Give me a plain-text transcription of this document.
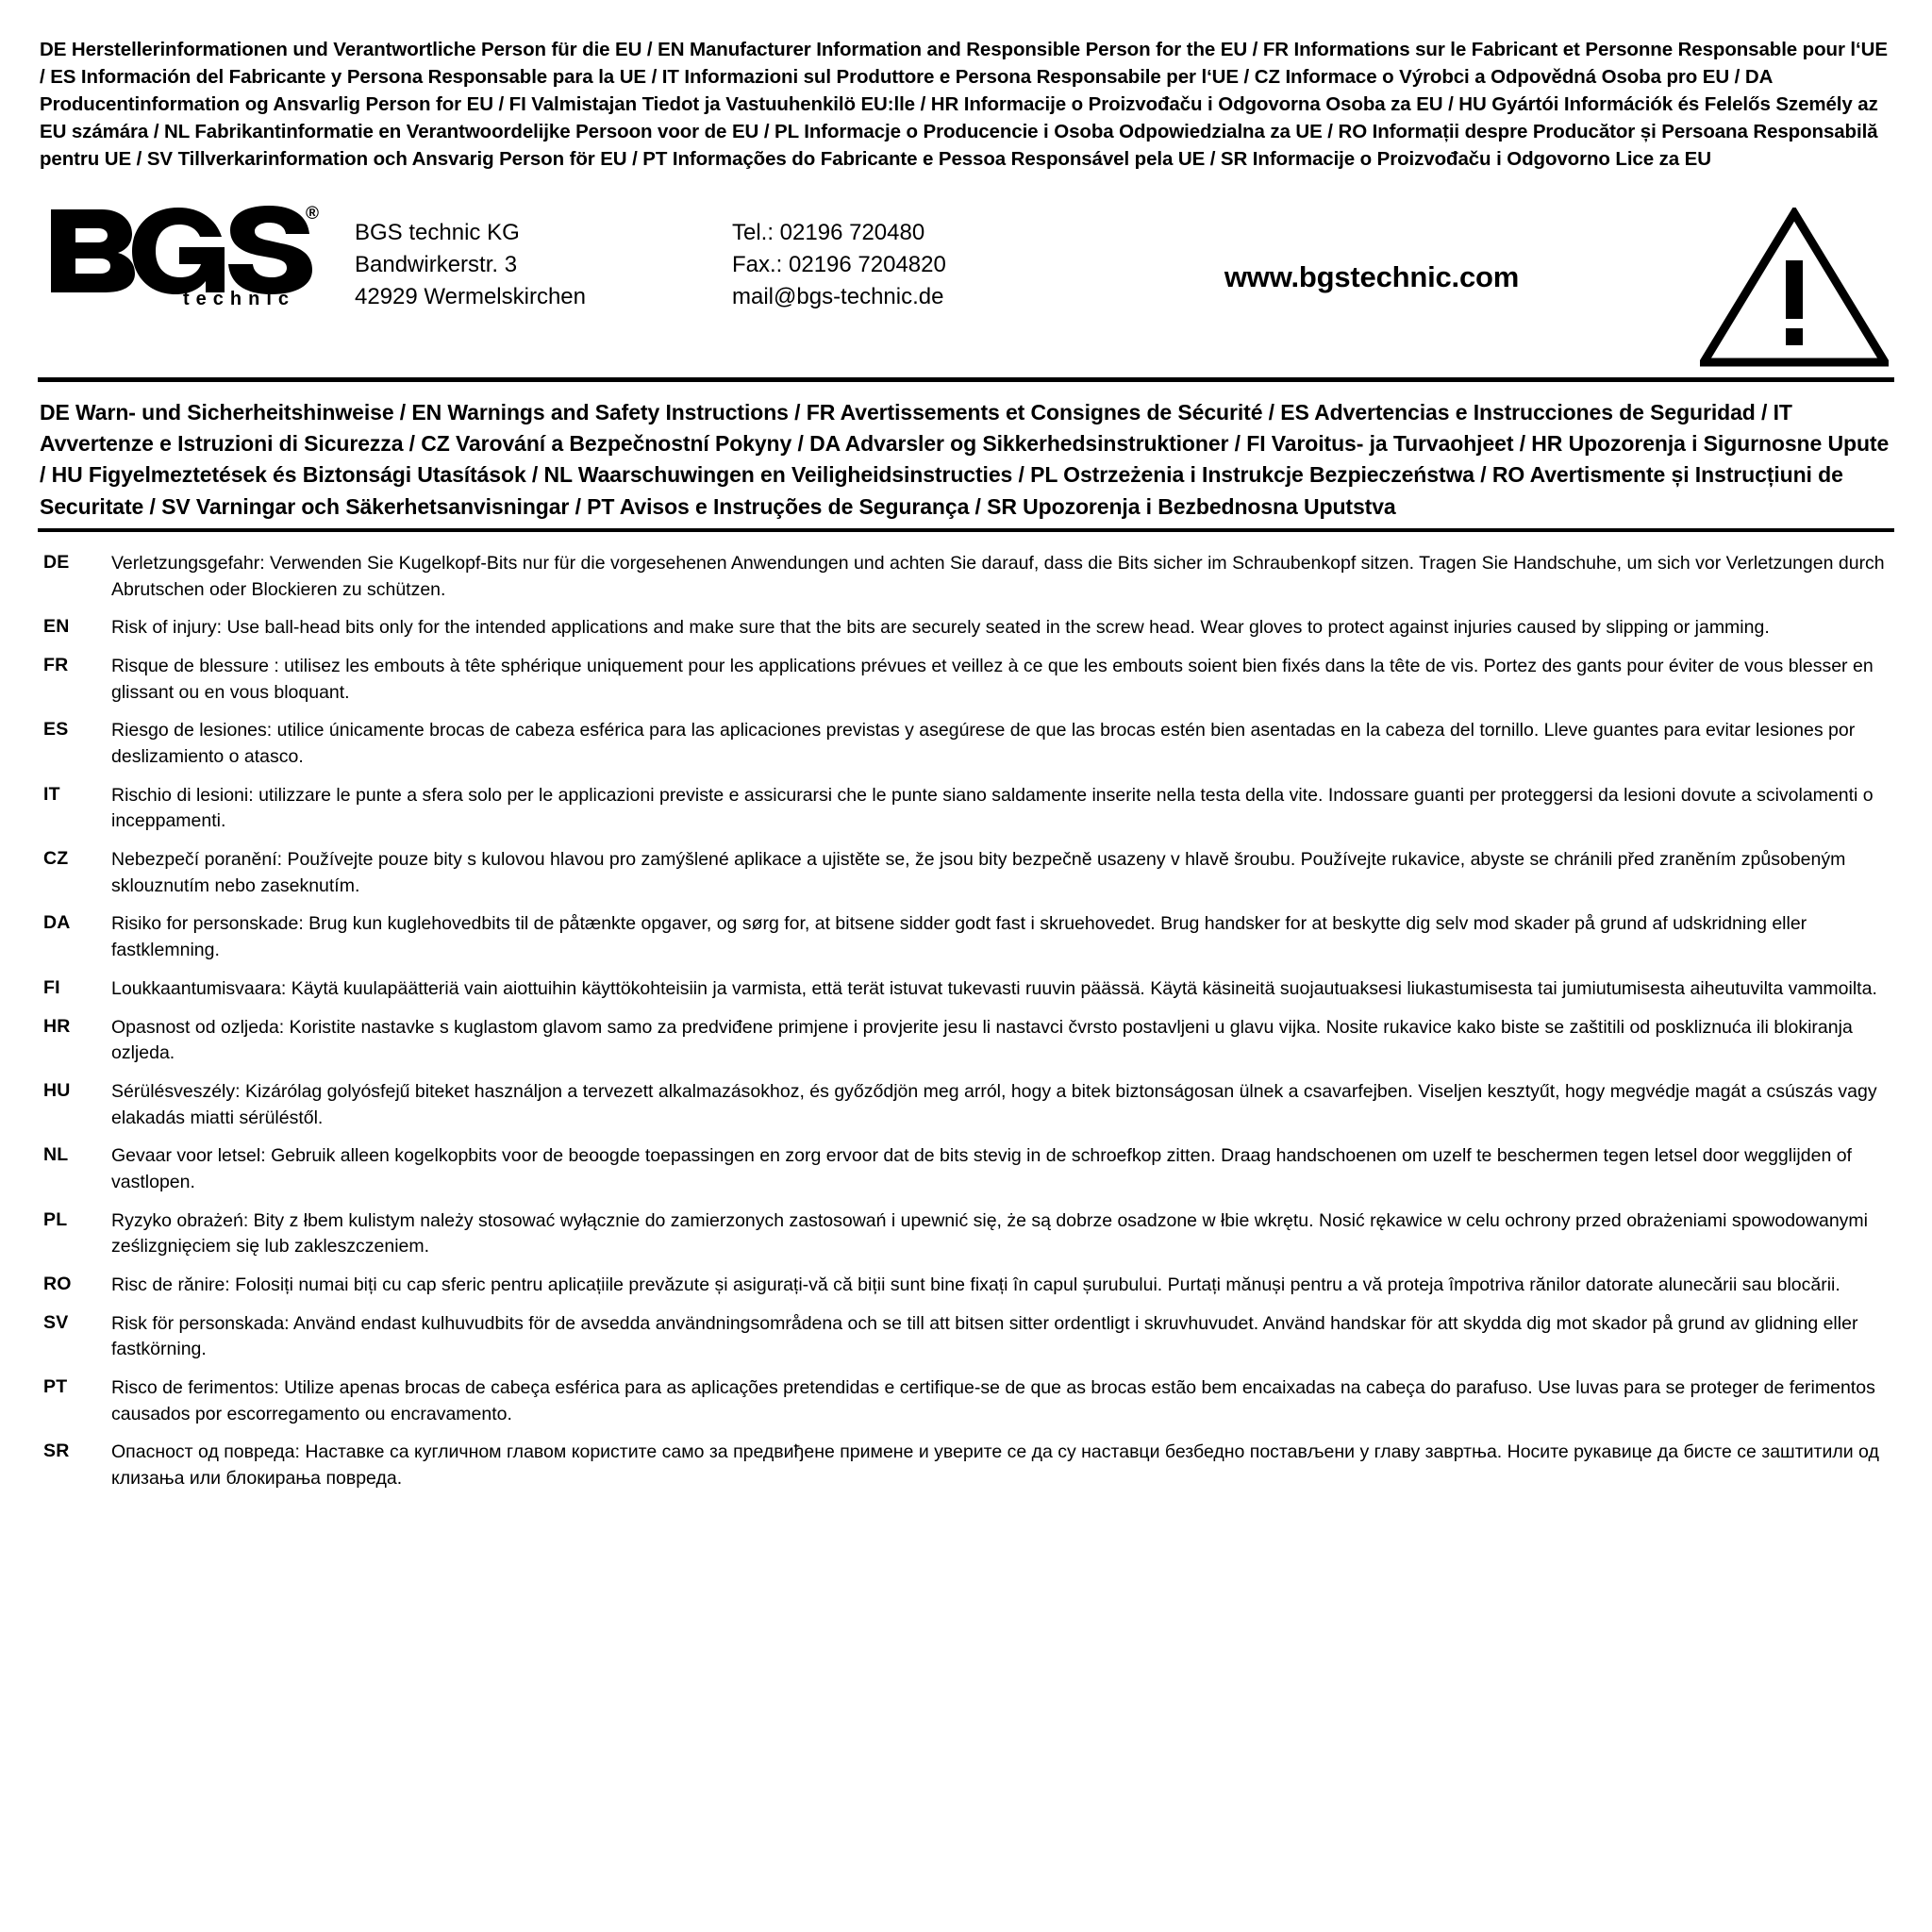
DE Herstellerinformationen und Verantwortliche Person für die EU / EN Manufacturer Information and Responsible Person for the EU / FR Informations sur le Fabricant et Personne Responsable pour l‘UE / ES Información del Fabricante y Persona Responsable para la UE / IT Informazioni sul Produttore e Persona Responsabile per l‘UE / CZ Informace o Výrobci a Odpovědná Osoba pro EU / DA Producentinformation og Ansvarlig Person for EU / FI Valmistajan Tiedot ja Vastuuhenkilö EU:lle / HR Informacije o Proizvođaču i Odgovorna Osoba za EU / HU Gyártói Információk és Felelős Személy az EU számára / NL Fabrikantinformatie en Verantwoordelijke Persoon voor de EU / PL Informacje o Producencie i Osoba Odpowiedzialna za UE / RO Informații despre Producător și Persoana Responsabilă pentru UE / SV Tillverkarinformation och Ansvarig Person för EU / PT Informações do Fabricante e Pessoa Responsável pela UE / SR Informacije o Proizvođaču i Odgovorno Lice za EU
®
technic
BGS technic KG
Bandwirkerstr. 3
42929 Wermelskirchen
Tel.: 02196 720480
Fax.: 02196 7204820
mail@bgs-technic.de
www.bgstechnic.com
DE Warn- und Sicherheitshinweise / EN Warnings and Safety Instructions / FR Avertissements et Consignes de Sécurité / ES Advertencias e Instrucciones de Seguridad / IT Avvertenze e Istruzioni di Sicurezza / CZ Varování a Bezpečnostní Pokyny / DA Advarsler og Sikkerhedsinstruktioner / FI Varoitus- ja Turvaohjeet / HR Upozorenja i Sigurnosne Upute / HU Figyelmeztetések és Biztonsági Utasítások / NL Waarschuwingen en Veiligheidsinstructies / PL Ostrzeżenia i Instrukcje Bezpieczeństwa / RO Avertismente și Instrucțiuni de Securitate / SV Varningar och Säkerhetsanvisningar / PT Avisos e Instruções de Segurança / SR Upozorenja i Bezbednosna Uputstva
DE	Verletzungsgefahr: Verwenden Sie Kugelkopf-Bits nur für die vorgesehenen Anwendungen und achten Sie darauf, dass die Bits sicher im Schraubenkopf sitzen. Tragen Sie Handschuhe, um sich vor Verletzungen durch Abrutschen oder Blockieren zu schützen.
EN	Risk of injury: Use ball-head bits only for the intended applications and make sure that the bits are securely seated in the screw head. Wear gloves to protect against injuries caused by slipping or jamming.
FR	Risque de blessure : utilisez les embouts à tête sphérique uniquement pour les applications prévues et veillez à ce que les embouts soient bien fixés dans la tête de vis. Portez des gants pour éviter de vous blesser en glissant ou en vous bloquant.
ES	Riesgo de lesiones: utilice únicamente brocas de cabeza esférica para las aplicaciones previstas y asegúrese de que las brocas estén bien asentadas en la cabeza del tornillo. Lleve guantes para evitar lesiones por deslizamiento o atasco.
IT	Rischio di lesioni: utilizzare le punte a sfera solo per le applicazioni previste e assicurarsi che le punte siano saldamente inserite nella testa della vite. Indossare guanti per proteggersi da lesioni dovute a scivolamenti o inceppamenti.
CZ	Nebezpečí poranění: Používejte pouze bity s kulovou hlavou pro zamýšlené aplikace a ujistěte se, že jsou bity bezpečně usazeny v hlavě šroubu. Používejte rukavice, abyste se chránili před zraněním způsobeným sklouznutím nebo zaseknutím.
DA	Risiko for personskade: Brug kun kuglehovedbits til de påtænkte opgaver, og sørg for, at bitsene sidder godt fast i skruehovedet. Brug handsker for at beskytte dig selv mod skader på grund af udskridning eller fastklemning.
FI	Loukkaantumisvaara: Käytä kuulapäätteriä vain aiottuihin käyttökohteisiin ja varmista, että terät istuvat tukevasti ruuvin päässä. Käytä käsineitä suojautuaksesi liukastumisesta tai jumiutumisesta aiheutuvilta vammoilta.
HR	Opasnost od ozljeda: Koristite nastavke s kuglastom glavom samo za predviđene primjene i provjerite jesu li nastavci čvrsto postavljeni u glavu vijka. Nosite rukavice kako biste se zaštitili od poskliznuća ili blokiranja ozljeda.
HU	Sérülésveszély: Kizárólag golyósfejű biteket használjon a tervezett alkalmazásokhoz, és győződjön meg arról, hogy a bitek biztonságosan ülnek a csavarfejben. Viseljen kesztyűt, hogy megvédje magát a csúszás vagy elakadás miatti sérüléstől.
NL	Gevaar voor letsel: Gebruik alleen kogelkopbits voor de beoogde toepassingen en zorg ervoor dat de bits stevig in de schroefkop zitten. Draag handschoenen om uzelf te beschermen tegen letsel door wegglijden of vastlopen.
PL	Ryzyko obrażeń: Bity z łbem kulistym należy stosować wyłącznie do zamierzonych zastosowań i upewnić się, że są dobrze osadzone w łbie wkrętu. Nosić rękawice w celu ochrony przed obrażeniami spowodowanymi ześlizgnięciem się lub zakleszczeniem.
RO	Risc de rănire: Folosiți numai biți cu cap sferic pentru aplicațiile prevăzute și asigurați-vă că biții sunt bine fixați în capul șurubului. Purtați mănuși pentru a vă proteja împotriva rănilor datorate alunecării sau blocării.
SV	Risk för personskada: Använd endast kulhuvudbits för de avsedda användningsområdena och se till att bitsen sitter ordentligt i skruvhuvudet. Använd handskar för att skydda dig mot skador på grund av glidning eller fastkörning.
PT	Risco de ferimentos: Utilize apenas brocas de cabeça esférica para as aplicações pretendidas e certifique-se de que as brocas estão bem encaixadas na cabeça do parafuso. Use luvas para se proteger de ferimentos causados por escorregamento ou encravamento.
SR	Опасност од повреда: Наставке са кугличном главом користите само за предвиђене примене и уверите се да су наставци безбедно постављени у главу завртња. Носите рукавице да бисте се заштитили од клизања или блокирања повреда.
